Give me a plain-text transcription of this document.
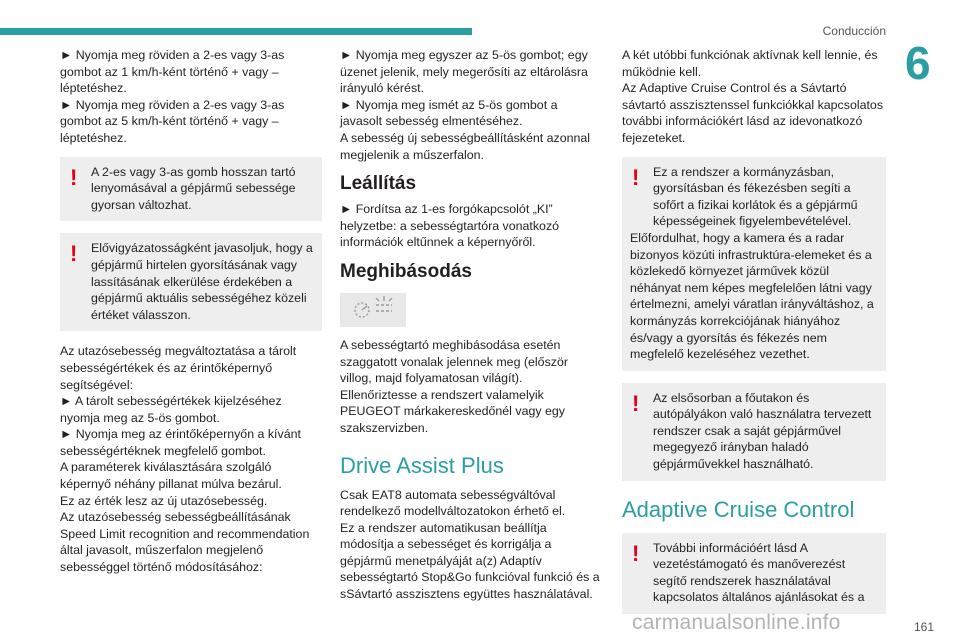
Conducción
6

► Nyomja meg röviden a 2-es vagy 3-as gombot az 1 km/h-ként történő + vagy – léptetéshez.

► Nyomja meg röviden a 2-es vagy 3-as gombot az 5 km/h-ként történő + vagy – léptetéshez.

!	A 2-es vagy 3-as gomb hosszan tartó lenyomásával a gépjármű sebessége gyorsan változhat.
!	Elővigyázatosságként javasoljuk, hogy a gépjármű hirtelen gyorsításának vagy lassításának elkerülése érdekében a gépjármű aktuális sebességéhez közeli értéket válasszon.

Az utazósebesség megváltoztatása a tárolt sebességértékek és az érintőképernyő segítségével:

► A tárolt sebességértékek kijelzéséhez nyomja meg az 5-ös gombot.

► Nyomja meg az érintőképernyőn a kívánt sebességértéknek megfelelő gombot.

A paraméterek kiválasztására szolgáló képernyő néhány pillanat múlva bezárul.

Ez az érték lesz az új utazósebesség.

Az utazósebesség sebességbeállításának Speed Limit recognition and recommendation által javasolt, műszerfalon megjelenő sebességgel történő módosításához:

► Nyomja meg egyszer az 5-ös gombot; egy üzenet jelenik, mely megerősíti az eltárolásra irányuló kérést.

► Nyomja meg ismét az 5-ös gombot a javasolt sebesség elmentéséhez.

A sebesség új sebességbeállításként azonnal megjelenik a műszerfalon.

Leállítás

► Fordítsa az 1-es forgókapcsolót „KI” helyzetbe: a sebességtartóra vonatkozó információk eltűnnek a képernyőről.

Meghibásodás

A sebességtartó meghibásodása esetén szaggatott vonalak jelennek meg (először villog, majd folyamatosan világít).

Ellenőriztesse a rendszert valamelyik PEUGEOT márkakereskedőnél vagy egy szakszervizben.

Drive Assist Plus

Csak EAT8 automata sebességváltóval rendelkező modellváltozatokon érhető el.

Ez a rendszer automatikusan beállítja módosítja a sebességet és korrigálja a gépjármű menetpályáját a(z) Adaptív sebességtartó Stop&Go funkcióval funkció és a sSávtartó asszisztens együttes használatával.

A két utóbbi funkciónak aktívnak kell lennie, és működnie kell.

Az Adaptive Cruise Control és a Sávtartó sávtartó asszisztenssel funkciókkal kapcsolatos további információkért lásd az idevonatkozó fejezeteket.

!	Ez a rendszer a kormányzásban, gyorsításban és fékezésben segíti a sofőrt a fizikai korlátok és a gépjármű képességeinek figyelembevételével.
Előfordulhat, hogy a kamera és a radar bizonyos közúti infrastruktúra-elemeket és a közlekedő környezet járművek közül néhányat nem képes megfelelően látni vagy értelmezni, amelyi váratlan irányváltáshoz, a kormányzás korrekciójának hiányához és/vagy a gyorsítás és fékezés nem megfelelő kezeléséhez vezethet.
!	Az elsősorban a főutakon és autópályákon való használatra tervezett rendszer csak a saját gépjárművel megegyező irányban haladó gépjárművekkel használható.
Adaptive Cruise Control
!	További információért lásd A vezetéstámogató és manőverezést segítő rendszerek használatával kapcsolatos általános ajánlásokat és a
carmanualsonline.info	161
